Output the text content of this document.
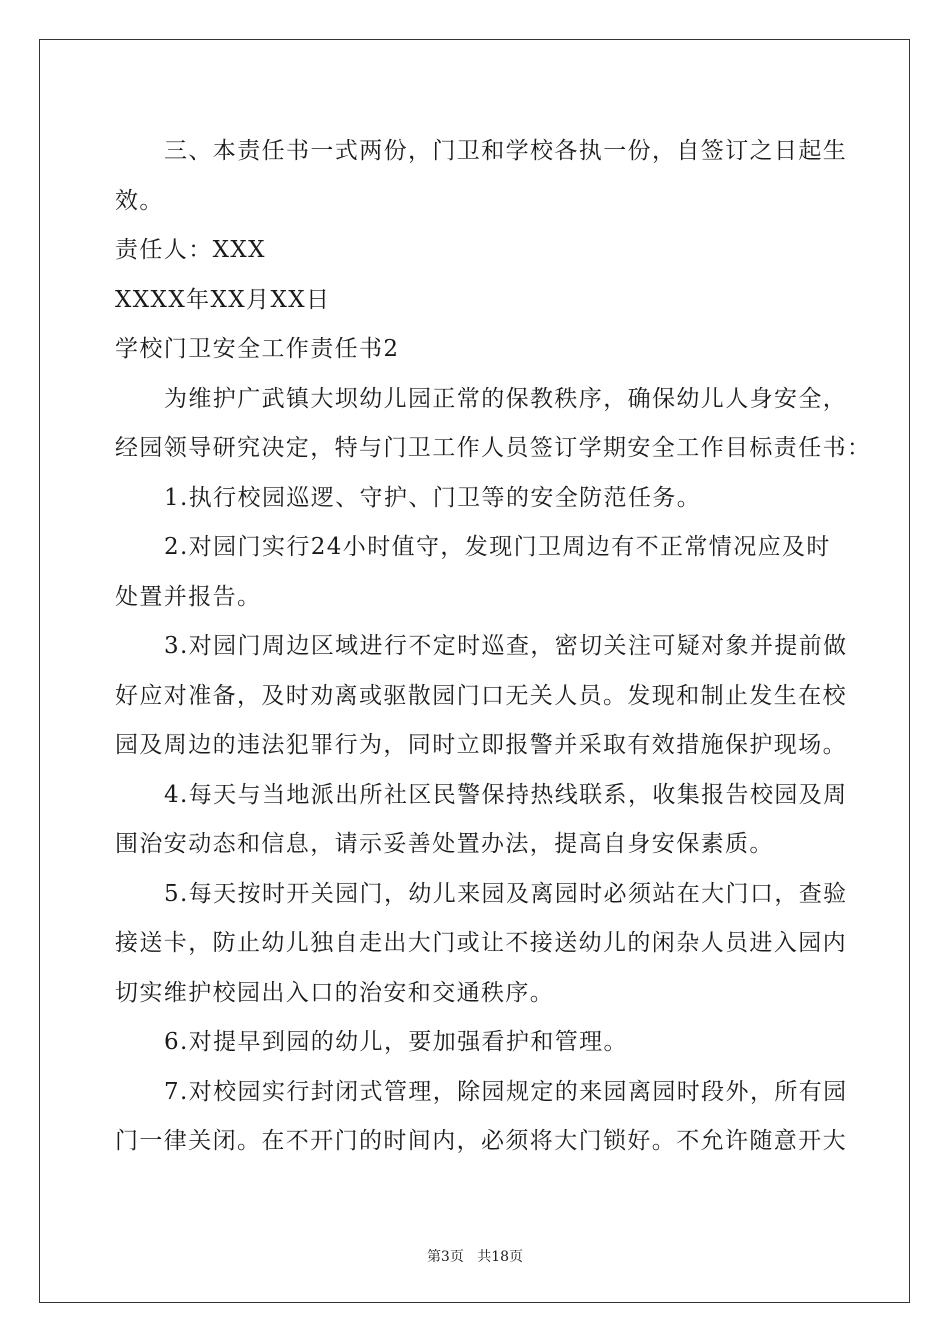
三、本责任书一式两份，门卫和学校各执一份，自签订之日起生

效。

责任人：XXX

XXXX年XX月XX日

学校门卫安全工作责任书2

为维护广武镇大坝幼儿园正常的保教秩序，确保幼儿人身安全，

经园领导研究决定，特与门卫工作人员签订学期安全工作目标责任书：

1.执行校园巡逻、守护、门卫等的安全防范任务。

2.对园门实行24小时值守，发现门卫周边有不正常情况应及时

处置并报告。

3.对园门周边区域进行不定时巡查，密切关注可疑对象并提前做

好应对准备，及时劝离或驱散园门口无关人员。发现和制止发生在校

园及周边的违法犯罪行为，同时立即报警并采取有效措施保护现场。

4.每天与当地派出所社区民警保持热线联系，收集报告校园及周

围治安动态和信息，请示妥善处置办法，提高自身安保素质。

5.每天按时开关园门，幼儿来园及离园时必须站在大门口，查验

接送卡，防止幼儿独自走出大门或让不接送幼儿的闲杂人员进入园内

切实维护校园出入口的治安和交通秩序。

6.对提早到园的幼儿，要加强看护和管理。

7.对校园实行封闭式管理，除园规定的来园离园时段外，所有园

门一律关闭。在不开门的时间内，必须将大门锁好。不允许随意开大

第3页 共18页
